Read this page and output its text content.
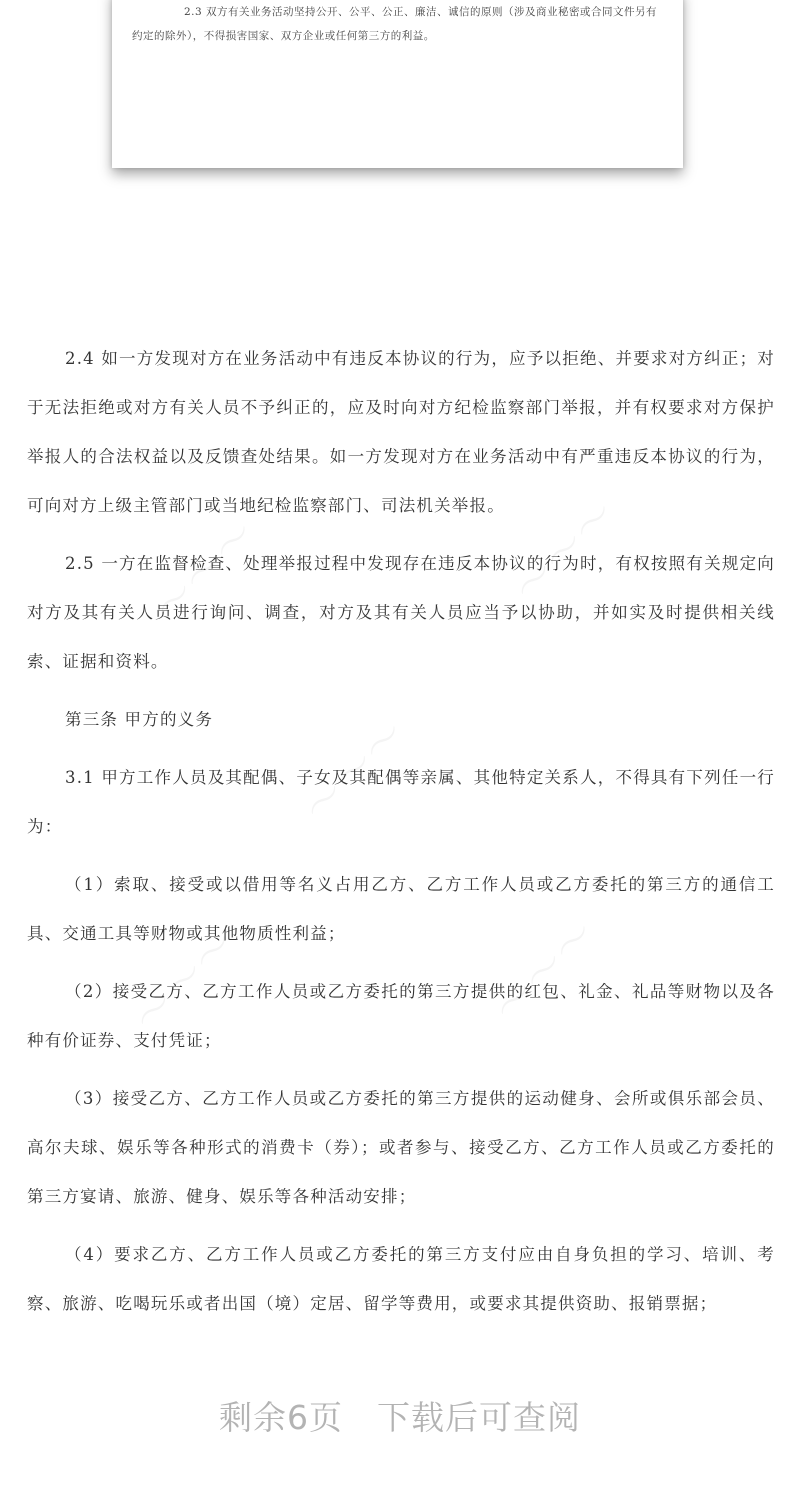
2.3 双方有关业务活动坚持公开、公平、公正、廉洁、诚信的原则（涉及商业秘密或合同文件另有约定的除外），不得损害国家、双方企业或任何第三方的利益。

2.4 如一方发现对方在业务活动中有违反本协议的行为，应予以拒绝、并要求对方纠正；对于无法拒绝或对方有关人员不予纠正的，应及时向对方纪检监察部门举报，并有权要求对方保护举报人的合法权益以及反馈查处结果。如一方发现对方在业务活动中有严重违反本协议的行为，可向对方上级主管部门或当地纪检监察部门、司法机关举报。

2.5 一方在监督检查、处理举报过程中发现存在违反本协议的行为时，有权按照有关规定向对方及其有关人员进行询问、调查，对方及其有关人员应当予以协助，并如实及时提供相关线索、证据和资料。

第三条 甲方的义务

3.1 甲方工作人员及其配偶、子女及其配偶等亲属、其他特定关系人，不得具有下列任一行为：

（1）索取、接受或以借用等名义占用乙方、乙方工作人员或乙方委托的第三方的通信工具、交通工具等财物或其他物质性利益；

（2）接受乙方、乙方工作人员或乙方委托的第三方提供的红包、礼金、礼品等财物以及各种有价证券、支付凭证；

（3）接受乙方、乙方工作人员或乙方委托的第三方提供的运动健身、会所或俱乐部会员、高尔夫球、娱乐等各种形式的消费卡（券）；或者参与、接受乙方、乙方工作人员或乙方委托的第三方宴请、旅游、健身、娱乐等各种活动安排；

（4）要求乙方、乙方工作人员或乙方委托的第三方支付应由自身负担的学习、培训、考察、旅游、吃喝玩乐或者出国（境）定居、留学等费用，或要求其提供资助、报销票据；

剩余6页 下载后可查阅
